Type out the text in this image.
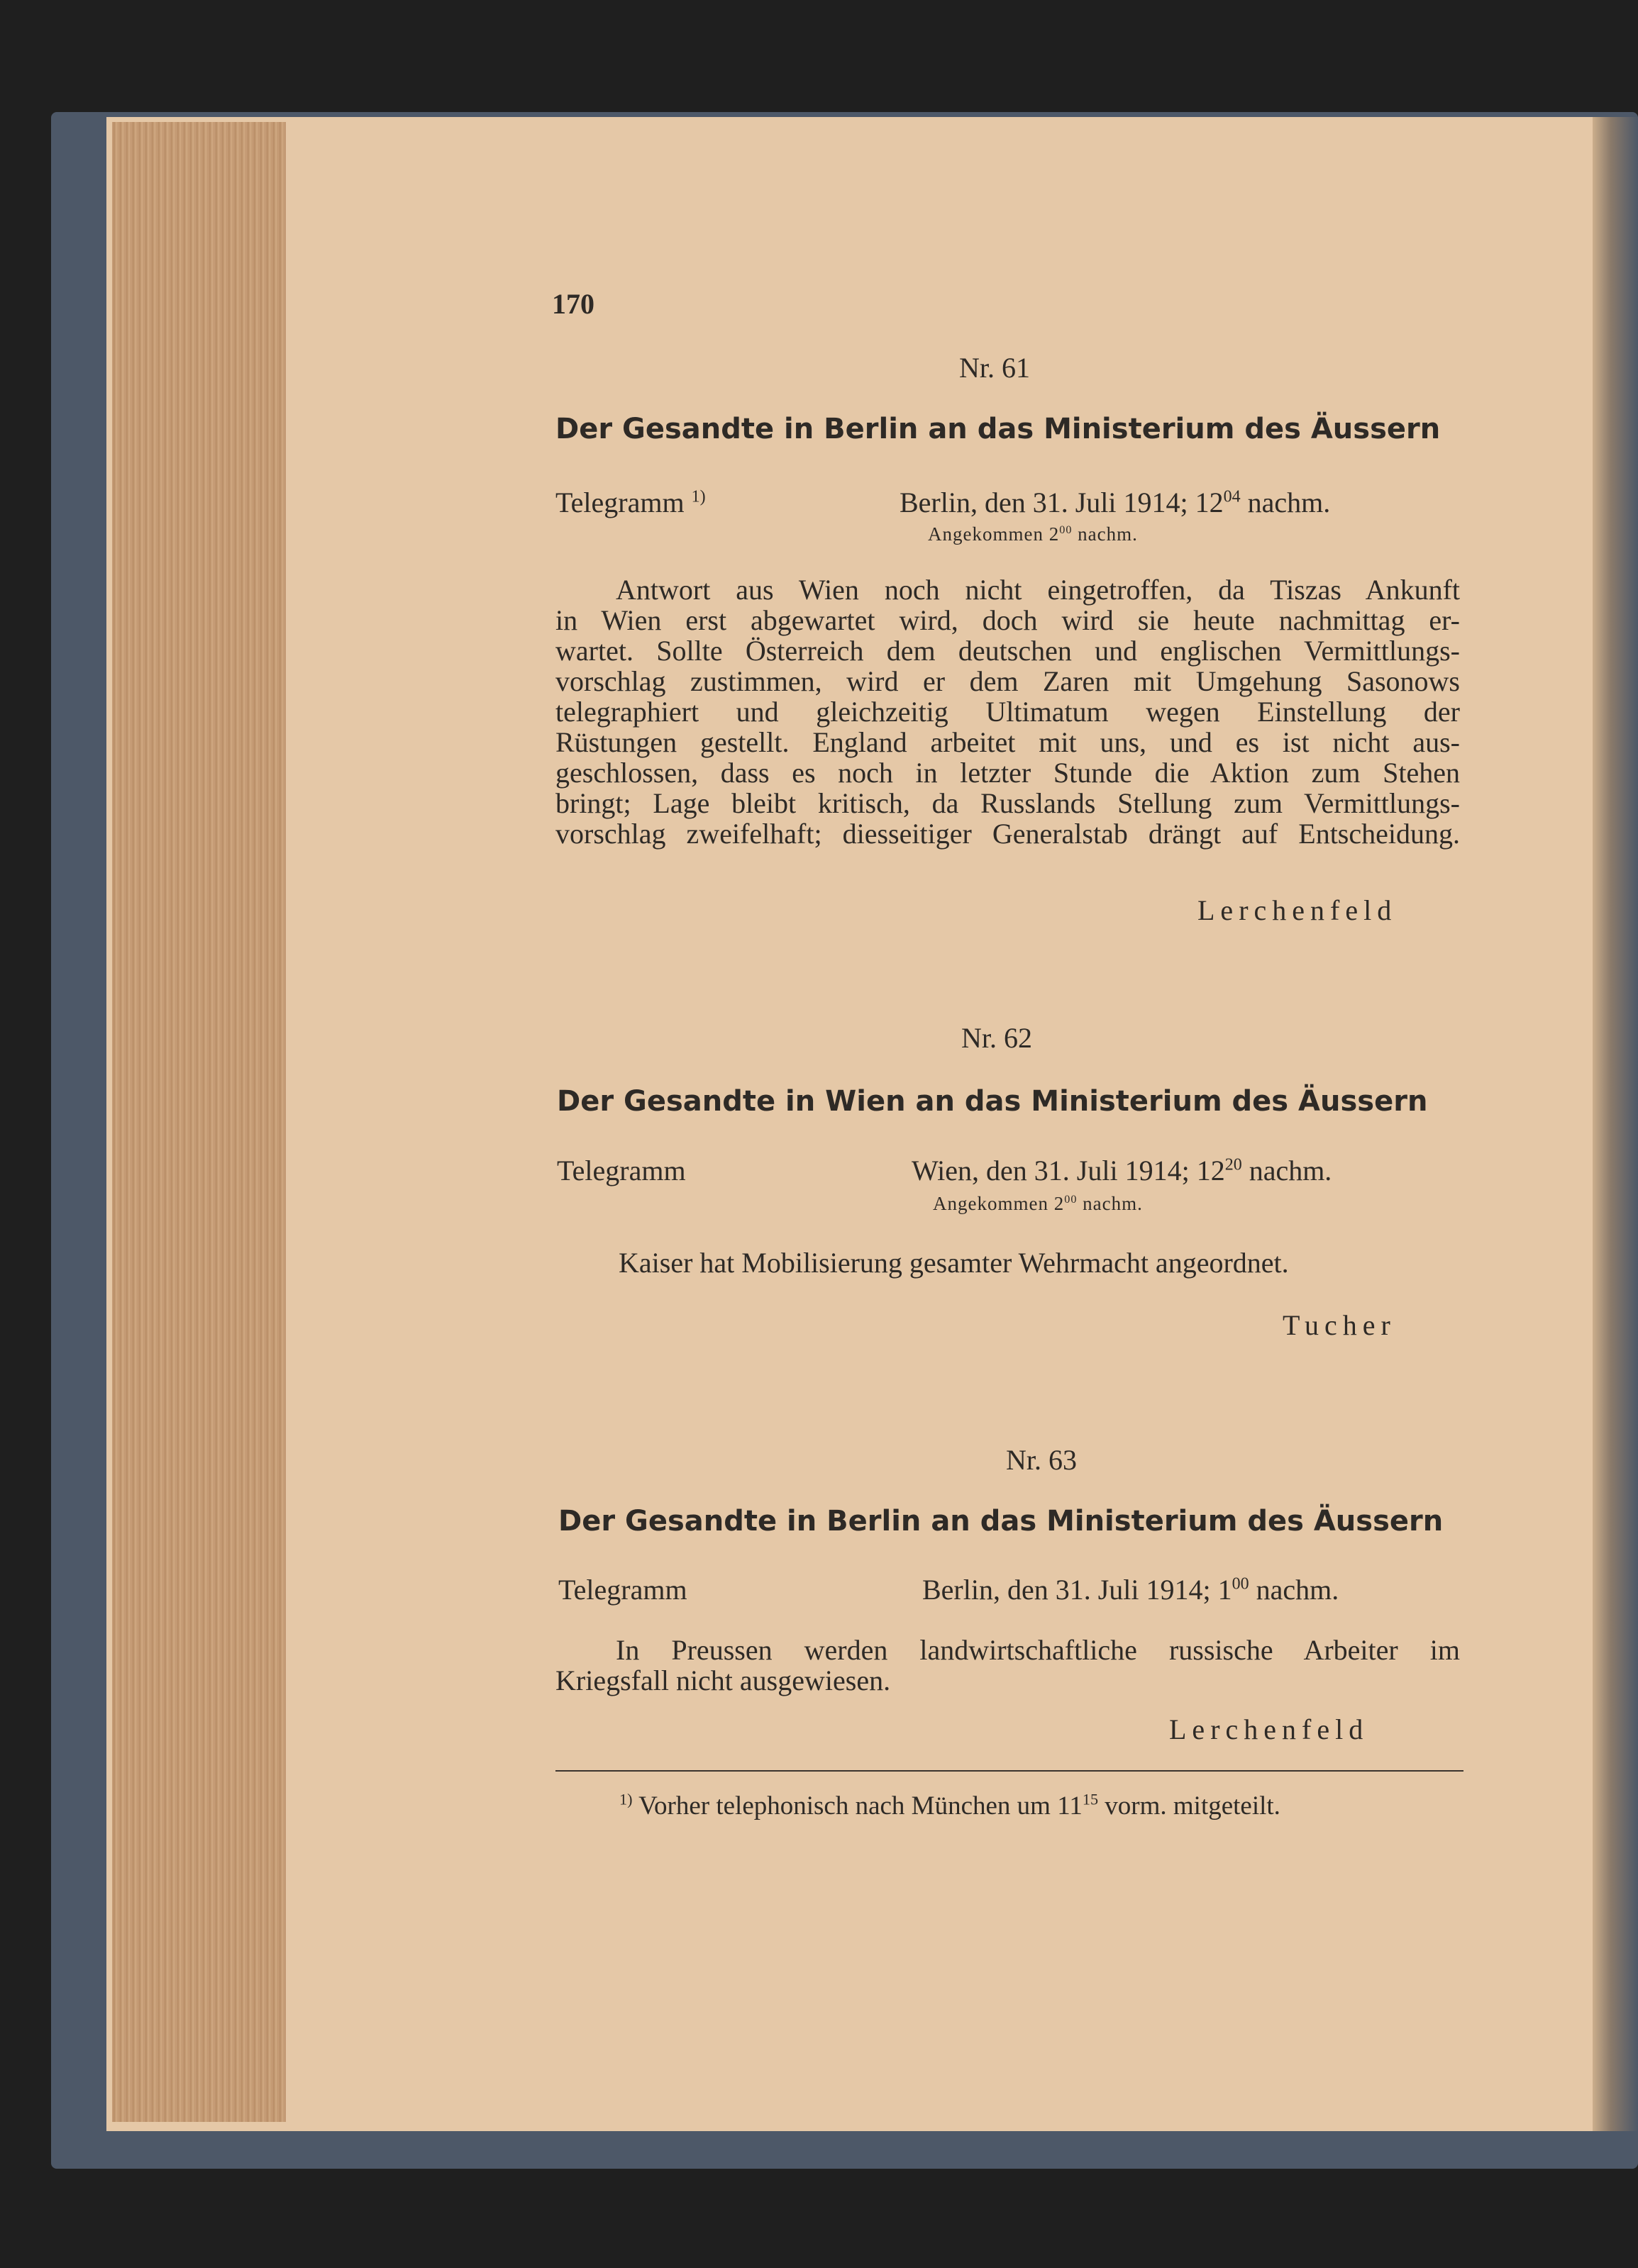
170
Nr. 61
Der Gesandte in Berlin an das Ministerium des Äussern
Telegramm $^{1)}$	Berlin, den 31. Juli 1914; $12^{04}$ nachm.
Angekommen $2^{00}$ nachm.
Antwort aus Wien noch nicht eingetroffen, da Tiszas Ankunft
in Wien erst abgewartet wird, doch wird sie heute nachmittag er-
wartet. Sollte Österreich dem deutschen und englischen Vermittlungs-
vorschlag zustimmen, wird er dem Zaren mit Umgehung Sasonows
telegraphiert und gleichzeitig Ultimatum wegen Einstellung der
Rüstungen gestellt. England arbeitet mit uns, und es ist nicht aus-
geschlossen, dass es noch in letzter Stunde die Aktion zum Stehen
bringt; Lage bleibt kritisch, da Russlands Stellung zum Vermittlungs-
vorschlag zweifelhaft; diesseitiger Generalstab drängt auf Entscheidung.
Lerchenfeld
Nr. 62
Der Gesandte in Wien an das Ministerium des Äussern
Telegramm	Wien, den 31. Juli 1914; $12^{20}$ nachm.
Angekommen $2^{00}$ nachm.
Kaiser hat Mobilisierung gesamter Wehrmacht angeordnet.
Tucher
Nr. 63
Der Gesandte in Berlin an das Ministerium des Äussern
Telegramm	Berlin, den 31. Juli 1914; $1^{00}$ nachm.
In Preussen werden landwirtschaftliche russische Arbeiter im
Kriegsfall nicht ausgewiesen.
Lerchenfeld
$^{1)}$ Vorher telephonisch nach München um $11^{15}$ vorm. mitgeteilt.
